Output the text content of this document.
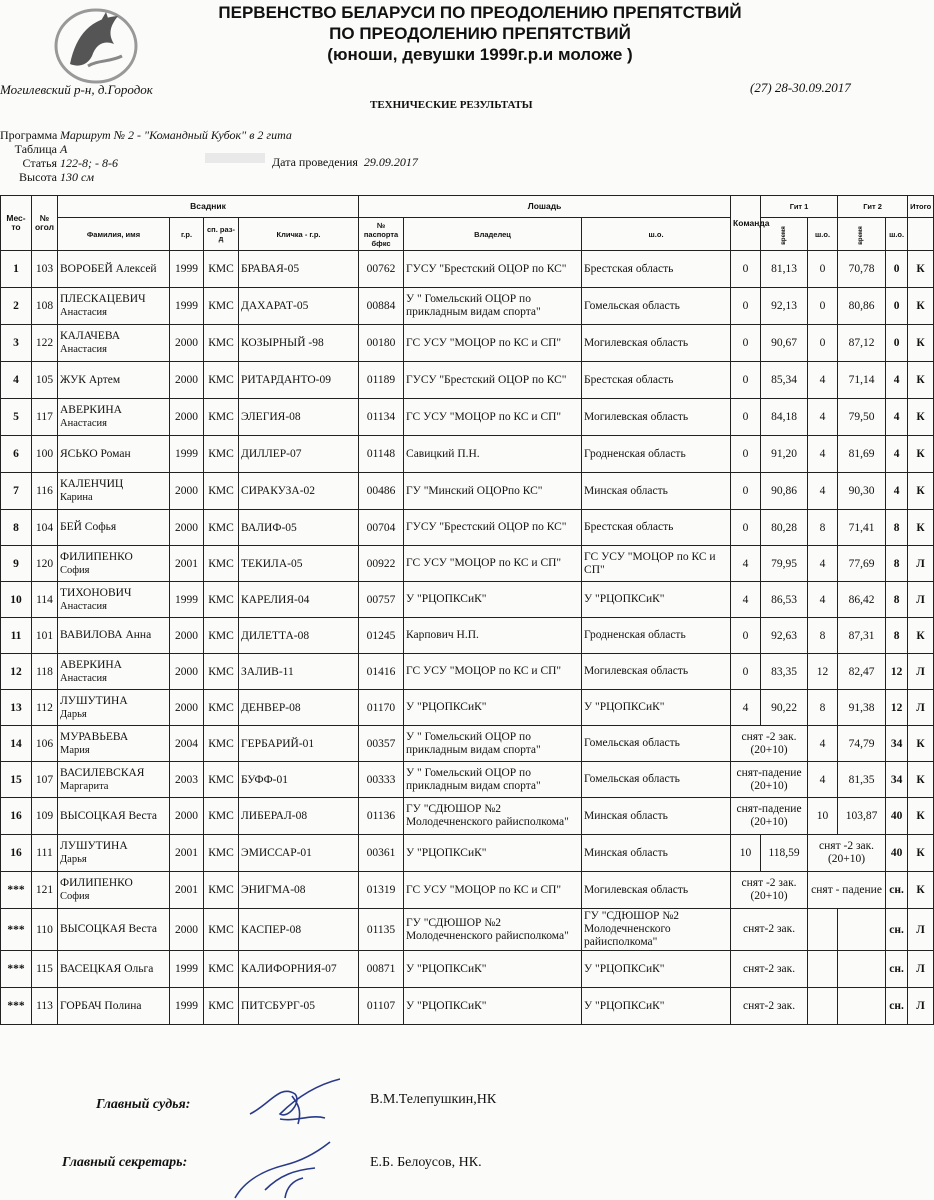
ПЕРВЕНСТВО БЕЛАРУСИ ПО ПРЕОДОЛЕНИЮ ПРЕПЯТСТВИЙ
ПО ПРЕОДОЛЕНИЮ ПРЕПЯТСТВИЙ
(юноши, девушки 1999г.р.и моложе )
Могилевский р-н, д.Городок	(27) 28-30.09.2017
ТЕХНИЧЕСКИЕ РЕЗУЛЬТАТЫ
Программа Маршрут № 2 - "Командный Кубок" в 2 гита
Таблица А
Статья 122-8; - 8-6
Высота 130 см
Дата проведения 29.09.2017
Мес-то	№ огол	Всадник				Лошадь			Команда	Гит 1		Гит 2		Итого	
		Фамилия, имя	г.р.	сп. раз-д	Кличка - г.р.	№ паспорта бфкс	Владелец	ш.о.		время	ш.о.	время	ш.о.		
1	103	ВОРОБЕЙ Алексей	1999	КМС	БРАВАЯ-05	00762	ГУСУ "Брестский ОЦОР по КС"	Брестская область	0	81,13	0	70,78	0	К	
2	108	ПЛЕСКАЦЕВИЧ
Анастасия	1999	КМС	ДАХАРАТ-05	00884	У " Гомельский ОЦОР по прикладным видам спорта"	Гомельская область	0	92,13	0	80,86	0	К	
3	122	КАЛАЧЕВА
Анастасия	2000	КМС	КОЗЫРНЫЙ -98	00180	ГС УСУ "МОЦОР по КС и СП"	Могилевская область	0	90,67	0	87,12	0	К	
4	105	ЖУК Артем	2000	КМС	РИТАРДАНТО-09	01189	ГУСУ "Брестский ОЦОР по КС"	Брестская область	0	85,34	4	71,14	4	К	
5	117	АВЕРКИНА
Анастасия	2000	КМС	ЭЛЕГИЯ-08	01134	ГС УСУ "МОЦОР по КС и СП"	Могилевская область	0	84,18	4	79,50	4	К	
6	100	ЯСЬКО Роман	1999	КМС	ДИЛЛЕР-07	01148	Савицкий П.Н.	Гродненская область	0	91,20	4	81,69	4	К	
7	116	КАЛЕНЧИЦ
Карина	2000	КМС	СИРАКУЗА-02	00486	ГУ "Минский ОЦОРпо КС"	Минская область	0	90,86	4	90,30	4	К	
8	104	БЕЙ Софья	2000	КМС	ВАЛИФ-05	00704	ГУСУ "Брестский ОЦОР по КС"	Брестская область	0	80,28	8	71,41	8	К	
9	120	ФИЛИПЕНКО
София	2001	КМС	ТЕКИЛА-05	00922	ГС УСУ "МОЦОР по КС и СП"	ГС УСУ "МОЦОР по КС и СП"	4	79,95	4	77,69	8	Л	
10	114	ТИХОНОВИЧ
Анастасия	1999	КМС	КАРЕЛИЯ-04	00757	У "РЦОПКСиК"	У "РЦОПКСиК"	4	86,53	4	86,42	8	Л	
11	101	ВАВИЛОВА Анна	2000	КМС	ДИЛЕТТА-08	01245	Карпович Н.П.	Гродненская область	0	92,63	8	87,31	8	К	
12	118	АВЕРКИНА
Анастасия	2000	КМС	ЗАЛИВ-11	01416	ГС УСУ "МОЦОР по КС и СП"	Могилевская область	0	83,35	12	82,47	12	Л	
13	112	ЛУШУТИНА
Дарья	2000	КМС	ДЕНВЕР-08	01170	У "РЦОПКСиК"	У "РЦОПКСиК"	4	90,22	8	91,38	12	Л	
14	106	МУРАВЬЕВА
Мария	2004	КМС	ГЕРБАРИЙ-01	00357	У " Гомельский ОЦОР по прикладным видам спорта"	Гомельская область	снят -2 зак. (20+10)		4	74,79	34	К	
15	107	ВАСИЛЕВСКАЯ
Маргарита	2003	КМС	БУФФ-01	00333	У " Гомельский ОЦОР по прикладным видам спорта"	Гомельская область	снят-падение (20+10)		4	81,35	34	К	
16	109	ВЫСОЦКАЯ Веста	2000	КМС	ЛИБЕРАЛ-08	01136	ГУ "СДЮШОР №2 Молодечненского райисполкома"	Минская область	снят-падение (20+10)		10	103,87	40	К	
16	111	ЛУШУТИНА
Дарья	2001	КМС	ЭМИССАР-01	00361	У "РЦОПКСиК"	Минская область	10	118,59	снят -2 зак. (20+10)		40	К	
***	121	ФИЛИПЕНКО
София	2001	КМС	ЭНИГМА-08	01319	ГС УСУ "МОЦОР по КС и СП"	Могилевская область	снят -2 зак. (20+10)		снят - падение		сн.	К	
***	110	ВЫСОЦКАЯ Веста	2000	КМС	КАСПЕР-08	01135	ГУ "СДЮШОР №2 Молодечненского райисполкома"	ГУ "СДЮШОР №2 Молодечненского райисполкома"	снят-2 зак.				сн.	Л	
***	115	ВАСЕЦКАЯ Ольга	1999	КМС	КАЛИФОРНИЯ-07	00871	У "РЦОПКСиК"	У "РЦОПКСиК"	снят-2 зак.				сн.	Л	
***	113	ГОРБАЧ Полина	1999	КМС	ПИТСБУРГ-05	01107	У "РЦОПКСиК"	У "РЦОПКСиК"	снят-2 зак.				сн.	Л	
Главный судья:	В.М.Телепушкин,НК
Главный секретарь:	Е.Б. Белоусов, НК.
